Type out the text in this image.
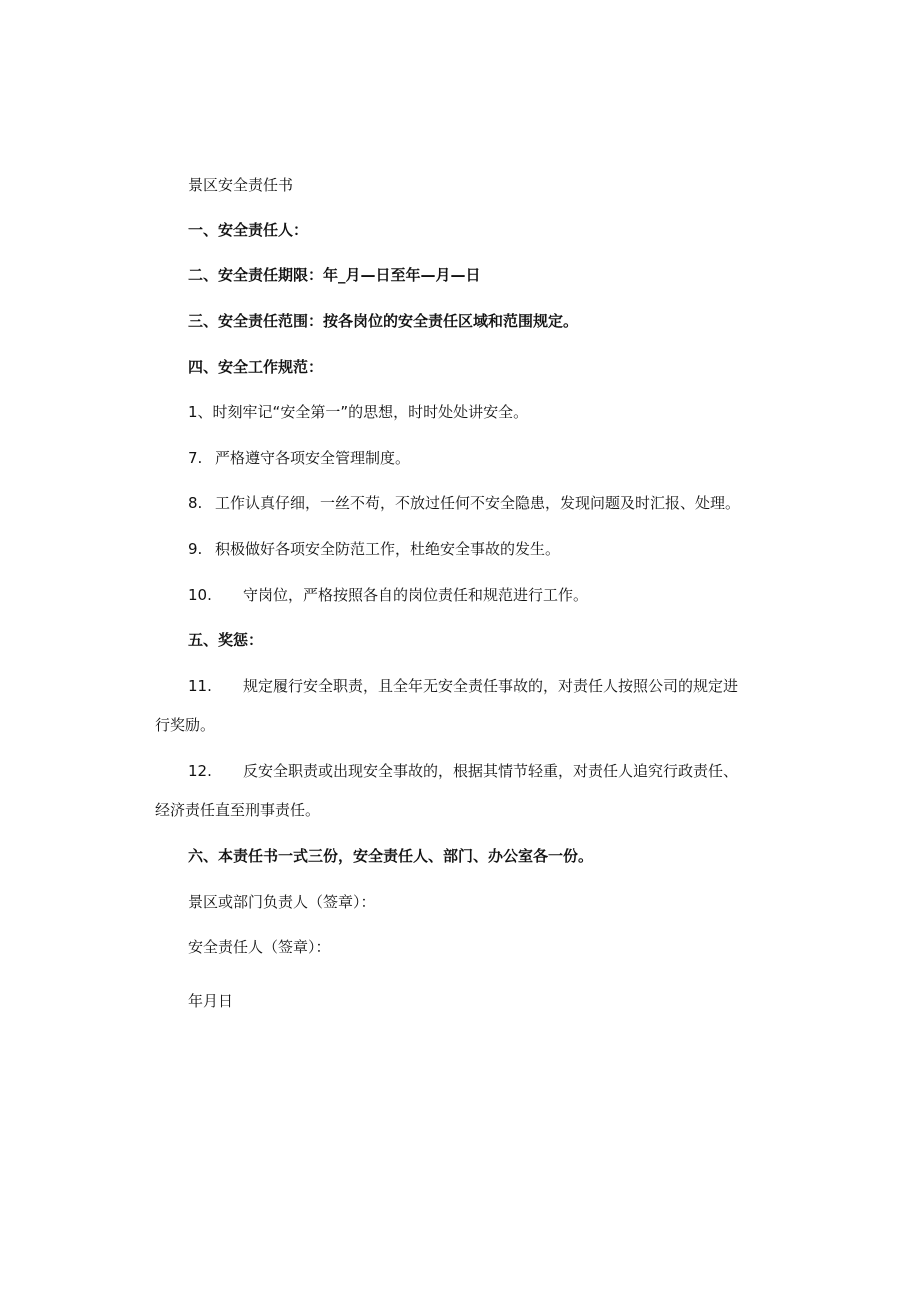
景区安全责任书
一、安全责任人：
二、安全责任期限：年_月—日至年—月—日
三、安全责任范围：按各岗位的安全责任区域和范围规定。
四、安全工作规范：
1、时刻牢记“安全第一”的思想，时时处处讲安全。
7. 严格遵守各项安全管理制度。
8. 工作认真仔细，一丝不苟，不放过任何不安全隐患，发现问题及时汇报、处理。
9. 积极做好各项安全防范工作，杜绝安全事故的发生。
10. 守岗位，严格按照各自的岗位责任和规范进行工作。
五、奖惩：
11. 规定履行安全职责，且全年无安全责任事故的，对责任人按照公司的规定进
行奖励。
12. 反安全职责或出现安全事故的，根据其情节轻重，对责任人追究行政责任、
经济责任直至刑事责任。
六、本责任书一式三份，安全责任人、部门、办公室各一份。
景区或部门负责人（签章）：
安全责任人（签章）：
年月日
